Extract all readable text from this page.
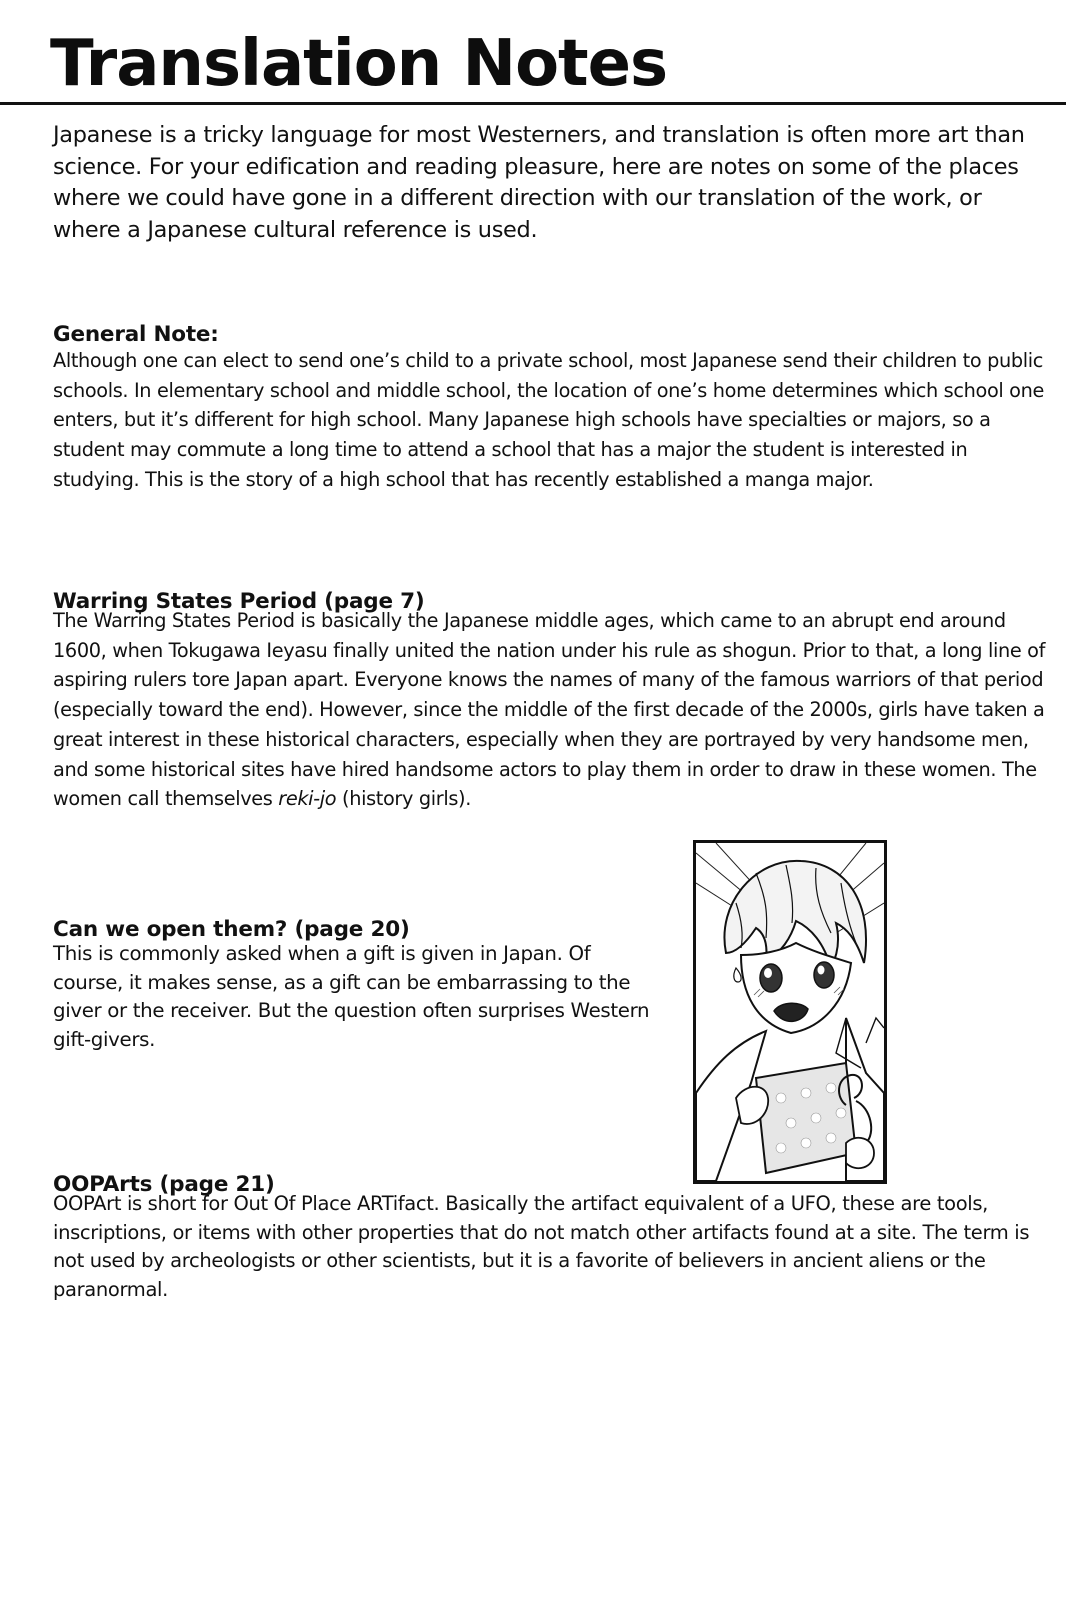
Translation Notes

Japanese is a tricky language for most Westerners, and translation is often more art than science. For your edification and reading pleasure, here are notes on some of the places where we could have gone in a different direction with our translation of the work, or where a Japanese cultural reference is used.

General Note:

Although one can elect to send one’s child to a private school, most Japanese send their children to public schools. In elementary school and middle school, the location of one’s home determines which school one enters, but it’s different for high school. Many Japanese high schools have specialties or majors, so a student may commute a long time to attend a school that has a major the student is interested in studying. This is the story of a high school that has recently established a manga major.

Warring States Period (page 7)

The Warring States Period is basically the Japanese middle ages, which came to an abrupt end around 1600, when Tokugawa Ieyasu finally united the nation under his rule as shogun. Prior to that, a long line of aspiring rulers tore Japan apart. Everyone knows the names of many of the famous warriors of that period (especially toward the end). However, since the middle of the first decade of the 2000s, girls have taken a great interest in these historical characters, especially when they are portrayed by very handsome men, and some historical sites have hired handsome actors to play them in order to draw in these women. The women call themselves reki-jo (history girls).

Can we open them? (page 20)

This is commonly asked when a gift is given in Japan. Of course, it makes sense, as a gift can be embarrassing to the giver or the receiver. But the question often surprises Western gift-givers.

OOPArts (page 21)

OOPArt is short for Out Of Place ARTifact. Basically the artifact equivalent of a UFO, these are tools, inscriptions, or items with other properties that do not match other artifacts found at a site. The term is not used by archeologists or other scientists, but it is a favorite of believers in ancient aliens or the paranormal.
